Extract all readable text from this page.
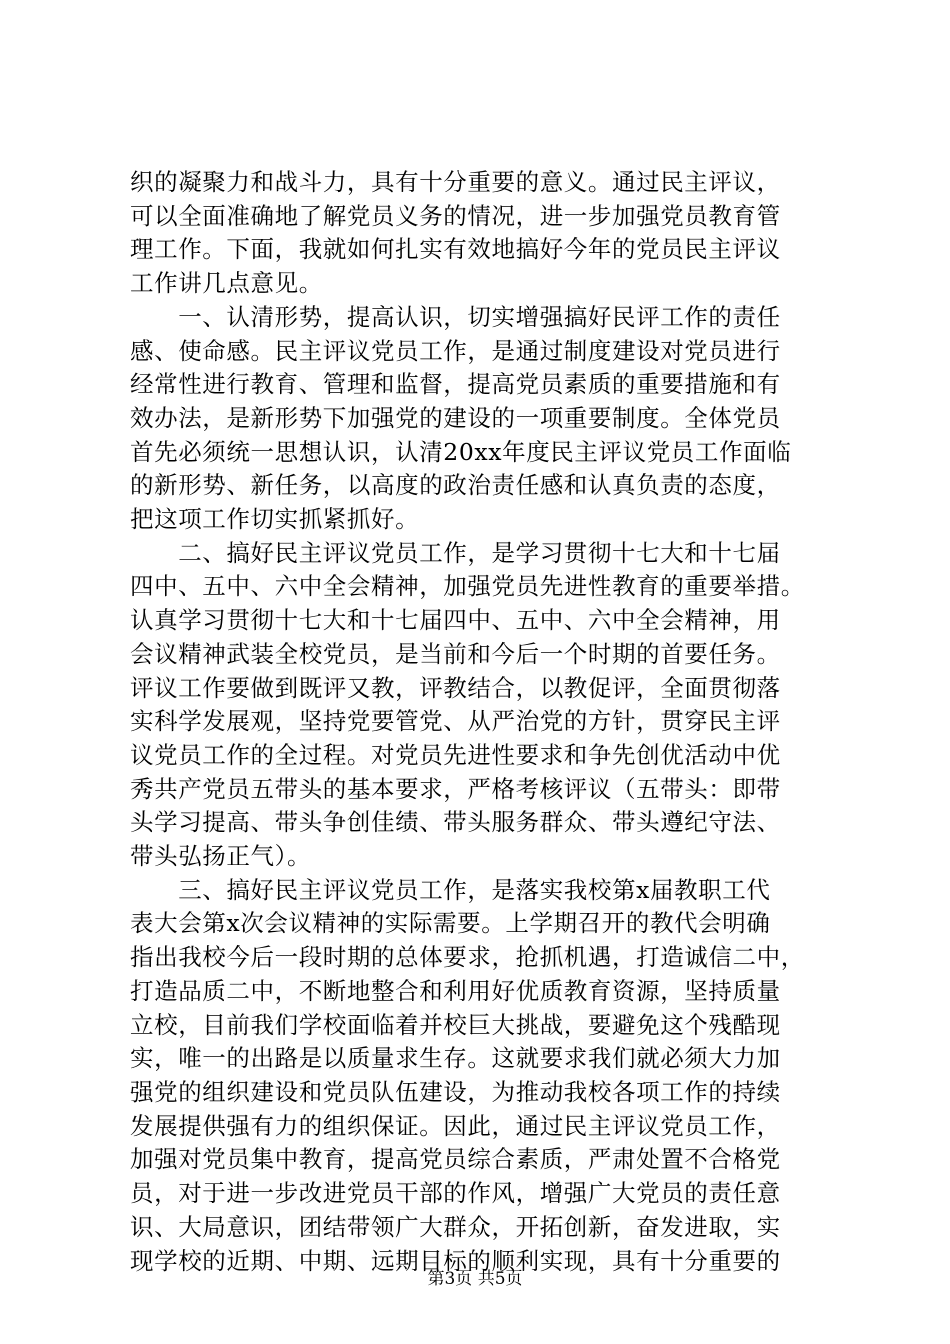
织的凝聚力和战斗力，具有十分重要的意义。通过民主评议，

可以全面准确地了解党员义务的情况，进一步加强党员教育管

理工作。下面，我就如何扎实有效地搞好今年的党员民主评议

工作讲几点意见。

　　一、认清形势，提高认识，切实增强搞好民评工作的责任

感、使命感。民主评议党员工作，是通过制度建设对党员进行

经常性进行教育、管理和监督，提高党员素质的重要措施和有

效办法，是新形势下加强党的建设的一项重要制度。全体党员

首先必须统一思想认识，认清20xx年度民主评议党员工作面临

的新形势、新任务，以高度的政治责任感和认真负责的态度，

把这项工作切实抓紧抓好。

　　二、搞好民主评议党员工作，是学习贯彻十七大和十七届

四中、五中、六中全会精神，加强党员先进性教育的重要举措。

认真学习贯彻十七大和十七届四中、五中、六中全会精神，用

会议精神武装全校党员，是当前和今后一个时期的首要任务。

评议工作要做到既评又教，评教结合，以教促评，全面贯彻落

实科学发展观，坚持党要管党、从严治党的方针，贯穿民主评

议党员工作的全过程。对党员先进性要求和争先创优活动中优

秀共产党员五带头的基本要求，严格考核评议（五带头：即带

头学习提高、带头争创佳绩、带头服务群众、带头遵纪守法、

带头弘扬正气）。

　　三、搞好民主评议党员工作，是落实我校第x届教职工代

表大会第x次会议精神的实际需要。上学期召开的教代会明确

指出我校今后一段时期的总体要求，抢抓机遇，打造诚信二中，

打造品质二中，不断地整合和利用好优质教育资源，坚持质量

立校，目前我们学校面临着并校巨大挑战，要避免这个残酷现

实，唯一的出路是以质量求生存。这就要求我们就必须大力加

强党的组织建设和党员队伍建设，为推动我校各项工作的持续

发展提供强有力的组织保证。因此，通过民主评议党员工作，

加强对党员集中教育，提高党员综合素质，严肃处置不合格党

员，对于进一步改进党员干部的作风，增强广大党员的责任意

识、大局意识，团结带领广大群众，开拓创新，奋发进取，实

现学校的近期、中期、远期目标的顺利实现，具有十分重要的

第3页 共5页
